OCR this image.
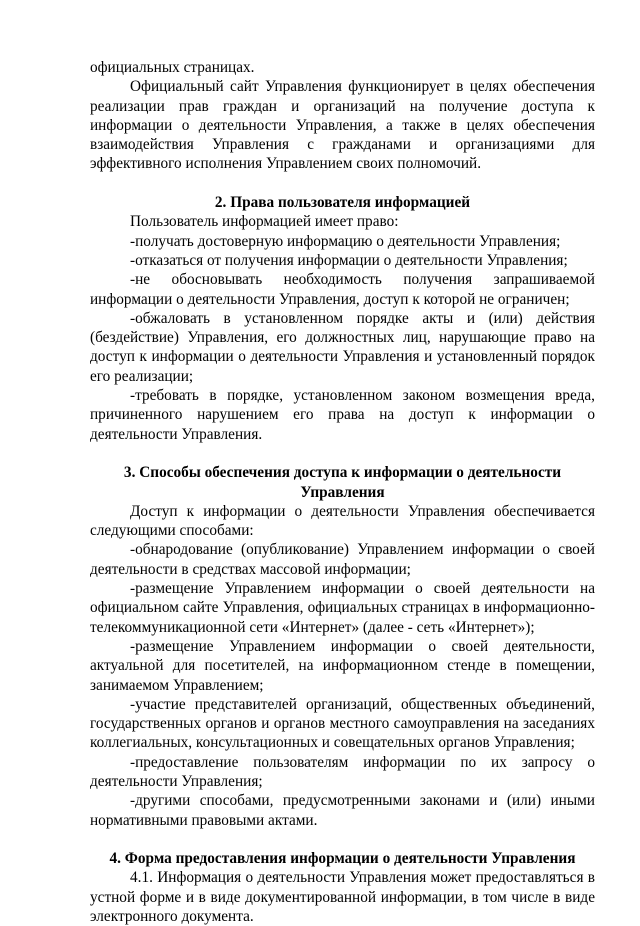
официальных страницах.

Официальный сайт Управления функционирует в целях обеспечения реализации прав граждан и организаций на получение доступа к информации о деятельности Управления, а также в целях обеспечения взаимодействия Управления с гражданами и организациями для эффективного исполнения Управлением своих полномочий.

2. Права пользователя информацией

Пользователь информацией имеет право:

-получать достоверную информацию о деятельности Управления;

-отказаться от получения информации о деятельности Управления;

-не обосновывать необходимость получения запрашиваемой информации о деятельности Управления, доступ к которой не ограничен;

-обжаловать в установленном порядке акты и (или) действия (бездействие) Управления, его должностных лиц, нарушающие право на доступ к информации о деятельности Управления и установленный порядок его реализации;

-требовать в порядке, установленном законом возмещения вреда, причиненного нарушением его права на доступ к информации о деятельности Управления.

3. Способы обеспечения доступа к информации о деятельности

Управления

Доступ к информации о деятельности Управления обеспечивается следующими способами:

-обнародование (опубликование) Управлением информации о своей деятельности в средствах массовой информации;

-размещение Управлением информации о своей деятельности на официальном сайте Управления, официальных страницах в информационно-телекоммуникационной сети «Интернет» (далее - сеть «Интернет»);

-размещение Управлением информации о своей деятельности, актуальной для посетителей, на информационном стенде в помещении, занимаемом Управлением;

-участие представителей организаций, общественных объединений, государственных органов и органов местного самоуправления на заседаниях коллегиальных, консультационных и совещательных органов Управления;

-предоставление пользователям информации по их запросу о деятельности Управления;

-другими способами, предусмотренными законами и (или) иными нормативными правовыми актами.

4. Форма предоставления информации о деятельности Управления

4.1. Информация о деятельности Управления может предоставляться в устной форме и в виде документированной информации, в том числе в виде электронного документа.
